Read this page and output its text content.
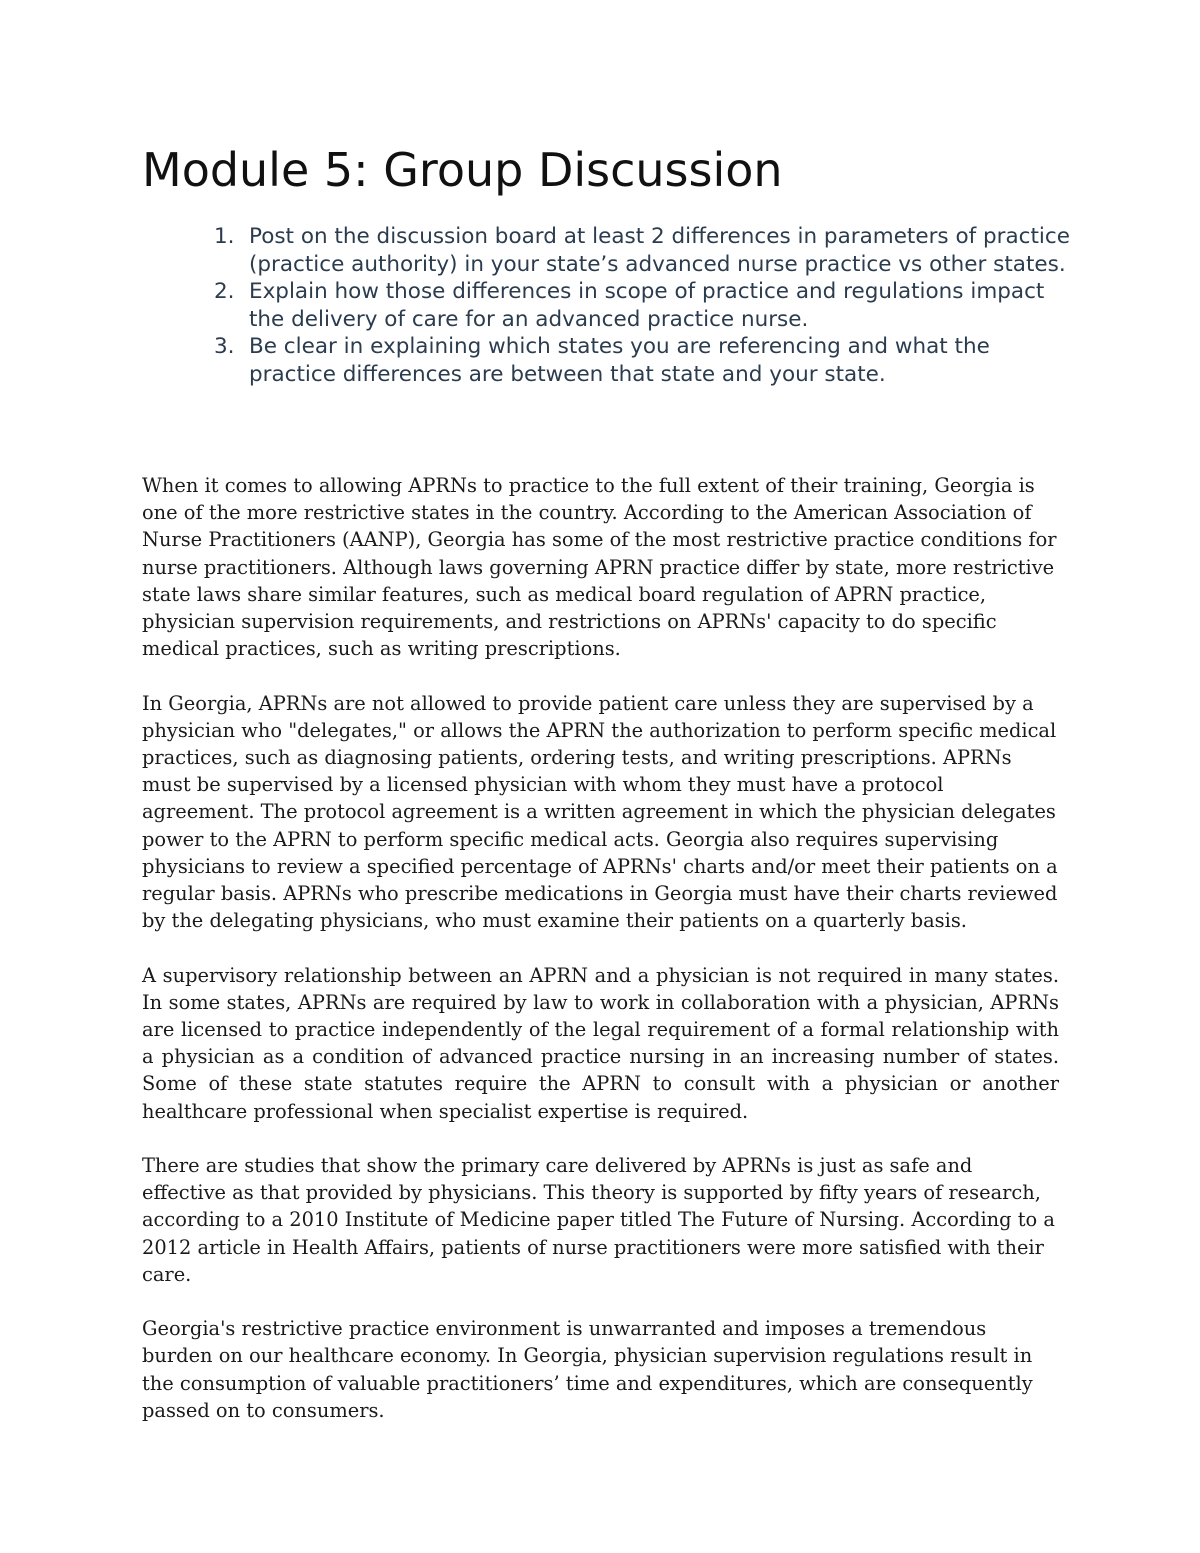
Module 5: Group Discussion
1. Post on the discussion board at least 2 differences in parameters of practice (practice authority) in your state’s advanced nurse practice vs other states.
2. Explain how those differences in scope of practice and regulations impact the delivery of care for an advanced practice nurse.
3. Be clear in explaining which states you are referencing and what the practice differences are between that state and your state.

When it comes to allowing APRNs to practice to the full extent of their training, Georgia is one of the more restrictive states in the country. According to the American Association of Nurse Practitioners (AANP), Georgia has some of the most restrictive practice conditions for nurse practitioners. Although laws governing APRN practice differ by state, more restrictive state laws share similar features, such as medical board regulation of APRN practice, physician supervision requirements, and restrictions on APRNs' capacity to do specific medical practices, such as writing prescriptions.

In Georgia, APRNs are not allowed to provide patient care unless they are supervised by a physician who "delegates," or allows the APRN the authorization to perform specific medical practices, such as diagnosing patients, ordering tests, and writing prescriptions. APRNs must be supervised by a licensed physician with whom they must have a protocol agreement. The protocol agreement is a written agreement in which the physician delegates power to the APRN to perform specific medical acts. Georgia also requires supervising physicians to review a specified percentage of APRNs' charts and/or meet their patients on a regular basis. APRNs who prescribe medications in Georgia must have their charts reviewed by the delegating physicians, who must examine their patients on a quarterly basis.

A supervisory relationship between an APRN and a physician is not required in many states. In some states, APRNs are required by law to work in collaboration with a physician, APRNs are licensed to practice independently of the legal requirement of a formal relationship with a physician as a condition of advanced practice nursing in an increasing number of states. Some of these state statutes require the APRN to consult with a physician or another healthcare professional when specialist expertise is required.

There are studies that show the primary care delivered by APRNs is just as safe and effective as that provided by physicians. This theory is supported by fifty years of research, according to a 2010 Institute of Medicine paper titled The Future of Nursing. According to a 2012 article in Health Affairs, patients of nurse practitioners were more satisfied with their care.

Georgia's restrictive practice environment is unwarranted and imposes a tremendous burden on our healthcare economy. In Georgia, physician supervision regulations result in the consumption of valuable practitioners’ time and expenditures, which are consequently passed on to consumers.
